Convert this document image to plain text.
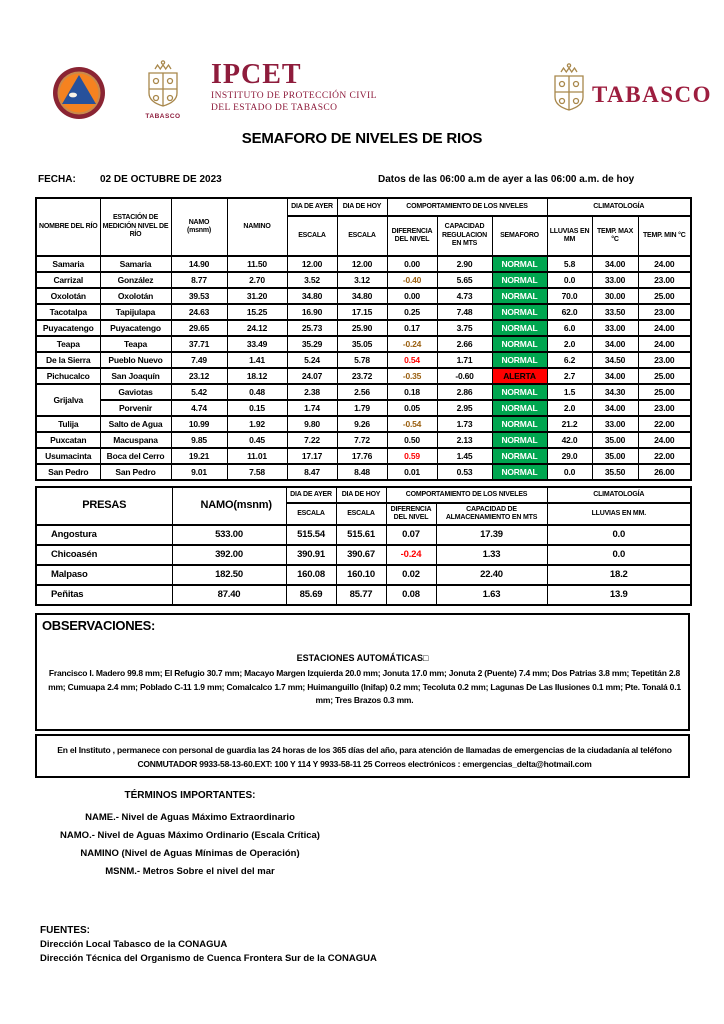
TABASCO
IPCET
INSTITUTO DE PROTECCIÓN CIVIL
DEL ESTADO DE TABASCO
TABASCO
SEMAFORO DE NIVELES DE RIOS
FECHA: 02 DE OCTUBRE DE 2023	Datos de las 06:00 a.m de ayer a las 06:00 a.m. de hoy
NOMBRE DEL RÍO	ESTACIÓN DE MEDICIÓN NIVEL DE RÍO	NAMO
(msnm)	NAMINO	DIA DE AYER	DIA DE HOY	COMPORTAMIENTO DE LOS NIVELES			CLIMATOLOGÍA		
				ESCALA	ESCALA	DIFERENCIA DEL NIVEL	CAPACIDAD REGULACION EN MTS	SEMAFORO	LLUVIAS EN MM	TEMP. MAX °C	TEMP. MIN °C
Samaria	Samaria	14.90	11.50	12.00	12.00	0.00	2.90	NORMAL	5.8	34.00	24.00
Carrizal	González	8.77	2.70	3.52	3.12	-0.40	5.65	NORMAL	0.0	33.00	23.00
Oxolotán	Oxolotán	39.53	31.20	34.80	34.80	0.00	4.73	NORMAL	70.0	30.00	25.00
Tacotalpa	Tapijulapa	24.63	15.25	16.90	17.15	0.25	7.48	NORMAL	62.0	33.50	23.00
Puyacatengo	Puyacatengo	29.65	24.12	25.73	25.90	0.17	3.75	NORMAL	6.0	33.00	24.00
Teapa	Teapa	37.71	33.49	35.29	35.05	-0.24	2.66	NORMAL	2.0	34.00	24.00
De la Sierra	Pueblo Nuevo	7.49	1.41	5.24	5.78	0.54	1.71	NORMAL	6.2	34.50	23.00
Pichucalco	San Joaquín	23.12	18.12	24.07	23.72	-0.35	-0.60	ALERTA	2.7	34.00	25.00
Grijalva	Gaviotas	5.42	0.48	2.38	2.56	0.18	2.86	NORMAL	1.5	34.30	25.00
	Porvenir	4.74	0.15	1.74	1.79	0.05	2.95	NORMAL	2.0	34.00	23.00
Tulija	Salto de Agua	10.99	1.92	9.80	9.26	-0.54	1.73	NORMAL	21.2	33.00	22.00
Puxcatan	Macuspana	9.85	0.45	7.22	7.72	0.50	2.13	NORMAL	42.0	35.00	24.00
Usumacinta	Boca del Cerro	19.21	11.01	17.17	17.76	0.59	1.45	NORMAL	29.0	35.00	22.00
San Pedro	San Pedro	9.01	7.58	8.47	8.48	0.01	0.53	NORMAL	0.0	35.50	26.00
PRESAS	NAMO (msnm)	DIA DE AYER	DIA DE HOY	COMPORTAMIENTO DE LOS NIVELES		CLIMATOLOGÍA
		ESCALA	ESCALA	DIFERENCIA DEL NIVEL	CAPACIDAD DE ALMACENAMIENTO EN MTS	LLUVIAS EN MM.
Angostura	533.00	515.54	515.61	0.07	17.39	0.0
Chicoasén	392.00	390.91	390.67	-0.24	1.33	0.0
Malpaso	182.50	160.08	160.10	0.02	22.40	18.2
Peñitas	87.40	85.69	85.77	0.08	1.63	13.9
OBSERVACIONES:
ESTACIONES AUTOMÁTICAS□
Francisco I. Madero 99.8 mm; El Refugio 30.7 mm; Macayo Margen Izquierda 20.0 mm; Jonuta 17.0 mm; Jonuta 2 (Puente) 7.4 mm; Dos Patrias 3.8 mm; Tepetitán 2.8 mm; Cumuapa 2.4 mm; Poblado C-11 1.9 mm; Comalcalco 1.7 mm; Huimanguillo (Inifap) 0.2 mm; Tecoluta 0.2 mm; Lagunas De Las Ilusiones 0.1 mm; Pte. Tonalá 0.1 mm; Tres Brazos 0.3 mm.
En el Instituto , permanece con personal de guardia las 24 horas de los 365 días del año, para atención de llamadas de emergencias de la ciudadanía al teléfono CONMUTADOR 9933-58-13-60.EXT: 100 Y 114 Y 9933-58-11 25 Correos electrónicos : emergencias_delta@hotmail.com
TÉRMINOS IMPORTANTES:
NAME.- Nivel de Aguas Máximo Extraordinario
NAMO.- Nivel de Aguas Máximo Ordinario (Escala Crítica)
NAMINO (Nivel de Aguas Mínimas de Operación)
MSNM.- Metros Sobre el nivel del mar
FUENTES:
Dirección Local Tabasco de la CONAGUA
Dirección Técnica del Organismo de Cuenca Frontera Sur de la CONAGUA
